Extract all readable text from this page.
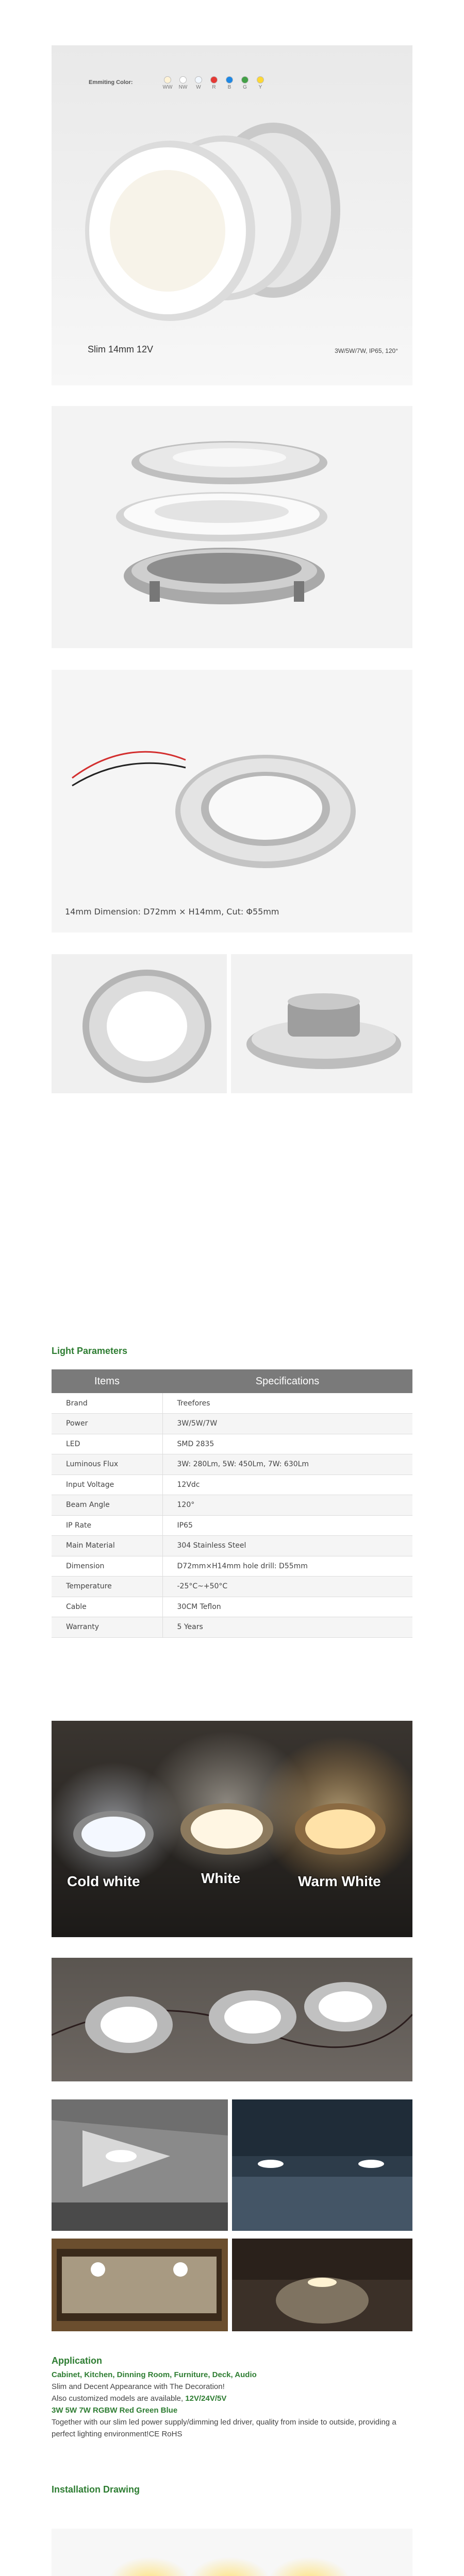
Emmiting Color:
WW NW	W	R	B	G	Y
Slim 14mm 12V	3W/5W/7W, IP65, 120°
14mm Dimension: D72mm × H14mm, Cut: Φ55mm
Light Parameters
Items	Specifications
Brand	Treefores
Power	3W/5W/7W
LED	SMD 2835
Luminous Flux	3W: 280Lm, 5W: 450Lm, 7W: 630Lm
Input Voltage	12Vdc
Beam Angle	120°
IP Rate	IP65
Main Material	304 Stainless Steel
Dimension	D72mm×H14mm hole drill: D55mm
Temperature	-25°C~+50°C
Cable	30CM Teflon
Warranty	5 Years
Cold white	White	Warm White
Application
Cabinet, Kitchen, Dinning Room, Furniture, Deck, Audio
Slim and Decent Appearance with The Decoration!
Also customized models are available, 12V/24V/5V
3W 5W 7W RGBW Red Green Blue
Together with our slim led power supply/dimming led driver, quality from inside to outside, providing a perfect lighting environment!CE RoHS
Installation Drawing
